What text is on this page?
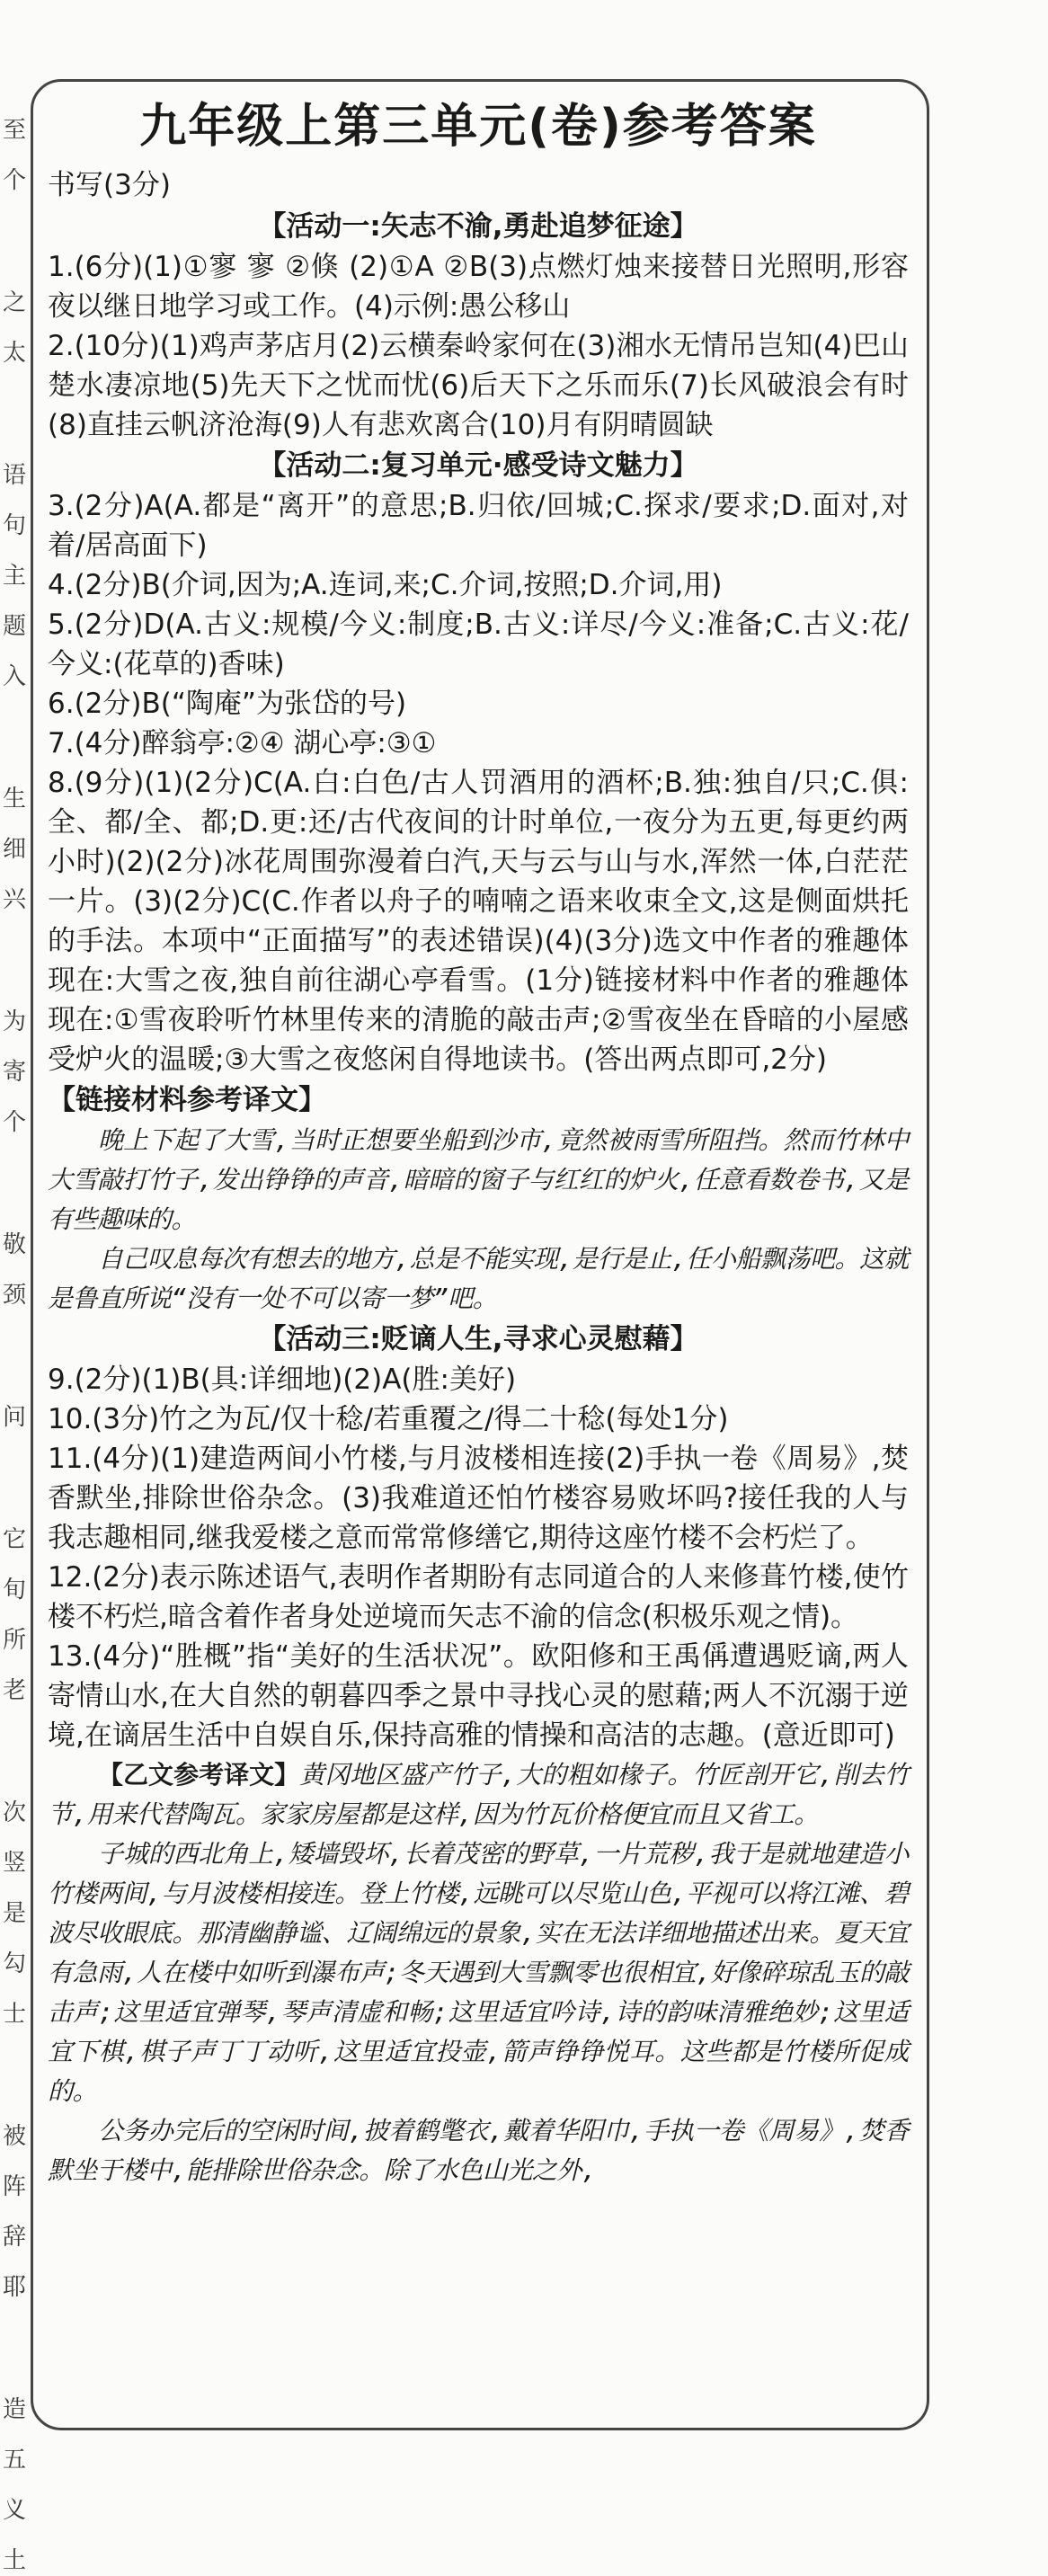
至
个
之
太
语
句
主
题
入
生
细
兴
为
寄
个
敬
颈
问
它
旬
所
老
次
竖
是
勾
士
被
阵
辞
耶
造
五
义
土
九年级上第三单元(卷)参考答案
书写(3分)
【活动一:矢志不渝,勇赴追梦征途】
1.(6分)(1)①寥 寥 ②倏 (2)①A ②B(3)点燃灯烛来接替日光照明,形容夜以继日地学习或工作。(4)示例:愚公移山
2.(10分)(1)鸡声茅店月(2)云横秦岭家何在(3)湘水无情吊岂知(4)巴山楚水凄凉地(5)先天下之忧而忧(6)后天下之乐而乐(7)长风破浪会有时(8)直挂云帆济沧海(9)人有悲欢离合(10)月有阴晴圆缺
【活动二:复习单元·感受诗文魅力】
3.(2分)A(A.都是“离开”的意思;B.归依/回城;C.探求/要求;D.面对,对着/居高面下)
4.(2分)B(介词,因为;A.连词,来;C.介词,按照;D.介词,用)
5.(2分)D(A.古义:规模/今义:制度;B.古义:详尽/今义:准备;C.古义:花/今义:(花草的)香味)
6.(2分)B(“陶庵”为张岱的号)
7.(4分)醉翁亭:②④ 湖心亭:③①
8.(9分)(1)(2分)C(A.白:白色/古人罚酒用的酒杯;B.独:独自/只;C.俱:全、都/全、都;D.更:还/古代夜间的计时单位,一夜分为五更,每更约两小时)(2)(2分)冰花周围弥漫着白汽,天与云与山与水,浑然一体,白茫茫一片。(3)(2分)C(C.作者以舟子的喃喃之语来收束全文,这是侧面烘托的手法。本项中“正面描写”的表述错误)(4)(3分)选文中作者的雅趣体现在:大雪之夜,独自前往湖心亭看雪。(1分)链接材料中作者的雅趣体现在:①雪夜聆听竹林里传来的清脆的敲击声;②雪夜坐在昏暗的小屋感受炉火的温暖;③大雪之夜悠闲自得地读书。(答出两点即可,2分)
【链接材料参考译文】
晚上下起了大雪,当时正想要坐船到沙市,竟然被雨雪所阻挡。然而竹林中大雪敲打竹子,发出铮铮的声音,暗暗的窗子与红红的炉火,任意看数卷书,又是有些趣味的。
自己叹息每次有想去的地方,总是不能实现,是行是止,任小船飘荡吧。这就是鲁直所说“没有一处不可以寄一梦”吧。
【活动三:贬谪人生,寻求心灵慰藉】
9.(2分)(1)B(具:详细地)(2)A(胜:美好)
10.(3分)竹之为瓦/仅十稔/若重覆之/得二十稔(每处1分)
11.(4分)(1)建造两间小竹楼,与月波楼相连接(2)手执一卷《周易》,焚香默坐,排除世俗杂念。(3)我难道还怕竹楼容易败坏吗?接任我的人与我志趣相同,继我爱楼之意而常常修缮它,期待这座竹楼不会朽烂了。
12.(2分)表示陈述语气,表明作者期盼有志同道合的人来修葺竹楼,使竹楼不朽烂,暗含着作者身处逆境而矢志不渝的信念(积极乐观之情)。
13.(4分)“胜概”指“美好的生活状况”。欧阳修和王禹偁遭遇贬谪,两人寄情山水,在大自然的朝暮四季之景中寻找心灵的慰藉;两人不沉溺于逆境,在谪居生活中自娱自乐,保持高雅的情操和高洁的志趣。(意近即可)
【乙文参考译文】黄冈地区盛产竹子,大的粗如椽子。竹匠剖开它,削去竹节,用来代替陶瓦。家家房屋都是这样,因为竹瓦价格便宜而且又省工。
子城的西北角上,矮墙毁坏,长着茂密的野草,一片荒秽,我于是就地建造小竹楼两间,与月波楼相接连。登上竹楼,远眺可以尽览山色,平视可以将江滩、碧波尽收眼底。那清幽静谧、辽阔绵远的景象,实在无法详细地描述出来。夏天宜有急雨,人在楼中如听到瀑布声;冬天遇到大雪飘零也很相宜,好像碎琼乱玉的敲击声;这里适宜弹琴,琴声清虚和畅;这里适宜吟诗,诗的韵味清雅绝妙;这里适宜下棋,棋子声丁丁动听,这里适宜投壶,箭声铮铮悦耳。这些都是竹楼所促成的。
公务办完后的空闲时间,披着鹤氅衣,戴着华阳巾,手执一卷《周易》,焚香默坐于楼中,能排除世俗杂念。除了水色山光之外,
